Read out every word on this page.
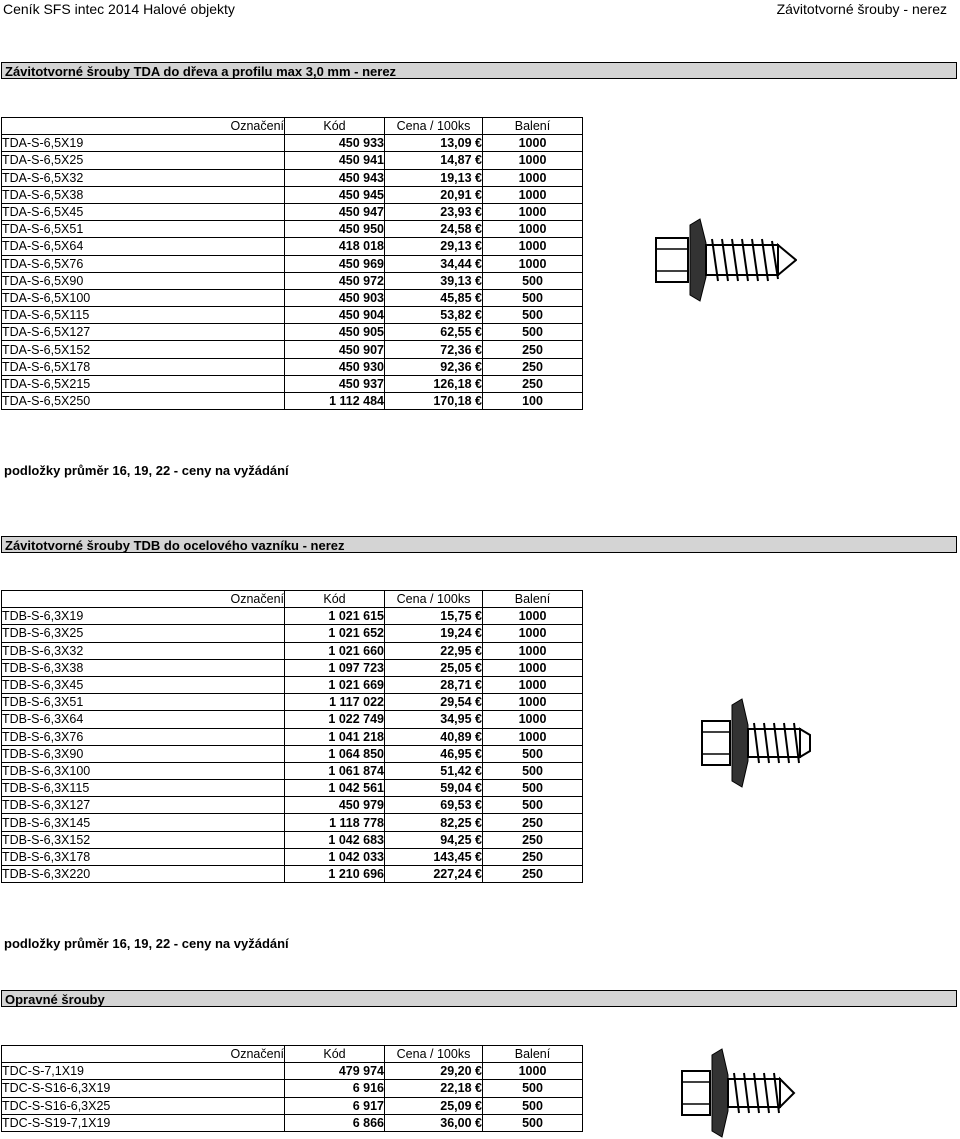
Ceník SFS intec 2014 Halové objekty	Závitotvorné šrouby - nerez
Závitotvorné šrouby TDA do dřeva a profilu max 3,0 mm - nerez
Označení	Kód	Cena / 100ks	Balení
TDA-S-6,5X19	450 933	13,09 €	1000
TDA-S-6,5X25	450 941	14,87 €	1000
TDA-S-6,5X32	450 943	19,13 €	1000
TDA-S-6,5X38	450 945	20,91 €	1000
TDA-S-6,5X45	450 947	23,93 €	1000
TDA-S-6,5X51	450 950	24,58 €	1000
TDA-S-6,5X64	418 018	29,13 €	1000
TDA-S-6,5X76	450 969	34,44 €	1000
TDA-S-6,5X90	450 972	39,13 €	500
TDA-S-6,5X100	450 903	45,85 €	500
TDA-S-6,5X115	450 904	53,82 €	500
TDA-S-6,5X127	450 905	62,55 €	500
TDA-S-6,5X152	450 907	72,36 €	250
TDA-S-6,5X178	450 930	92,36 €	250
TDA-S-6,5X215	450 937	126,18 €	250
TDA-S-6,5X250	1 112 484	170,18 €	100
podložky průměr 16, 19, 22 - ceny na vyžádání
Závitotvorné šrouby TDB do ocelového vazníku - nerez
Označení	Kód	Cena / 100ks	Balení
TDB-S-6,3X19	1 021 615	15,75 €	1000
TDB-S-6,3X25	1 021 652	19,24 €	1000
TDB-S-6,3X32	1 021 660	22,95 €	1000
TDB-S-6,3X38	1 097 723	25,05 €	1000
TDB-S-6,3X45	1 021 669	28,71 €	1000
TDB-S-6,3X51	1 117 022	29,54 €	1000
TDB-S-6,3X64	1 022 749	34,95 €	1000
TDB-S-6,3X76	1 041 218	40,89 €	1000
TDB-S-6,3X90	1 064 850	46,95 €	500
TDB-S-6,3X100	1 061 874	51,42 €	500
TDB-S-6,3X115	1 042 561	59,04 €	500
TDB-S-6,3X127	450 979	69,53 €	500
TDB-S-6,3X145	1 118 778	82,25 €	250
TDB-S-6,3X152	1 042 683	94,25 €	250
TDB-S-6,3X178	1 042 033	143,45 €	250
TDB-S-6,3X220	1 210 696	227,24 €	250
podložky průměr 16, 19, 22 - ceny na vyžádání
Opravné šrouby
Označení	Kód	Cena / 100ks	Balení
TDC-S-7,1X19	479 974	29,20 €	1000
TDC-S-S16-6,3X19	6 916	22,18 €	500
TDC-S-S16-6,3X25	6 917	25,09 €	500
TDC-S-S19-7,1X19	6 866	36,00 €	500
